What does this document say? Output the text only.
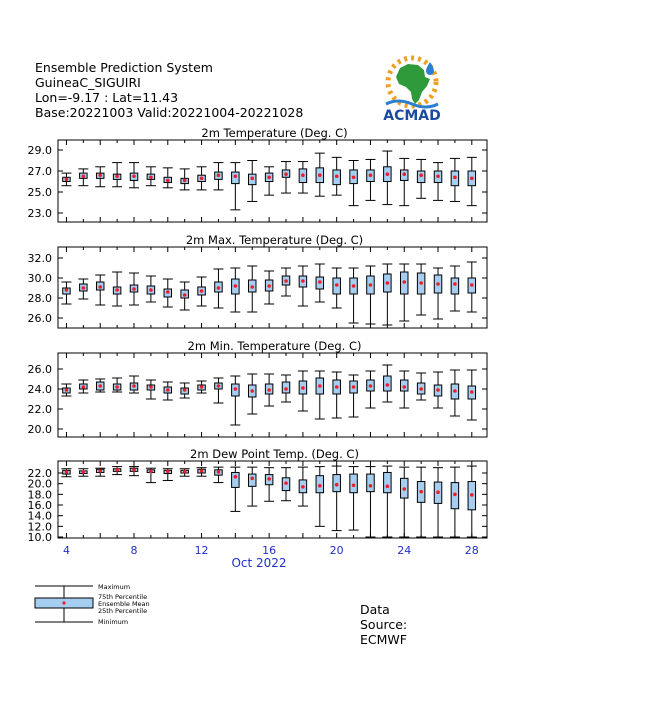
Ensemble Prediction System
GuineaC_SIGUIRI
Lon=-9.17 : Lat=11.43
Base:20221003 Valid:20221004-20221028	ACMAD
2m Temperature (Deg. C)
29.0
27.0
25.0
23.0
2m Max. Temperature (Deg. C)
32.0
30.0
28.0
26.0
2m Min. Temperature (Deg. C)
26.0
24.0
22.0
20.0
2m Dew Point Temp. (Deg. C)
22.0
20.0
18.0
16.0
14.0
12.0
10.0
4	8	12	16	20	24	28
Oct 2022
Maximum
75th Percentile
Ensemble Mean
25th Percentile
Minimum
Data Source: ECMWF
